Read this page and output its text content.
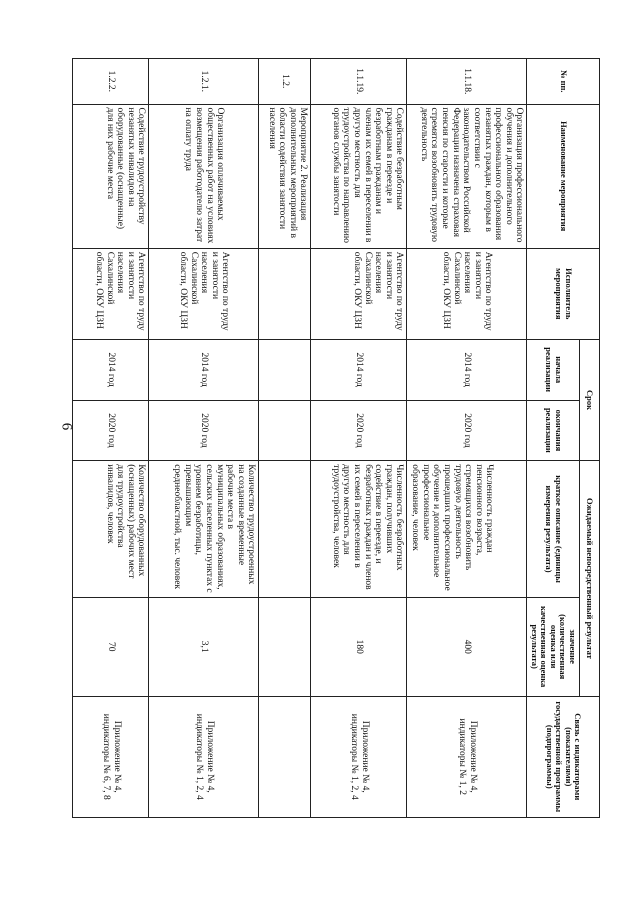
6
№ пп.	Наименование мероприятия	Исполнитель мероприятия	Срок		Ожидаемый непосредственный результат		Связь с индикаторами (показателями) государственной программы (подпрограммы)
			начала реализации	окончания реализации	краткое описание (единицы измерения результата)	значение (количественная оценка или качественная оценка результата)	
1.1.18.	Организация профессионального обучения и дополнительного профессионального образования незанятых граждан, которым в соответствии с законодательством Российской Федерации назначена страховая пенсия по старости и которые стремятся возобновить трудовую деятельность	Агентство по труду и занятости населения Сахалинской области, ОКУ ЦЗН	2014 год	2020 год	Численность граждан пенсионного возраста, стремящихся возобновить трудовую деятельность прошедших профессиональное обучение и дополнительное профессиональное образование, человек	400	Приложение № 4, индикаторы № 1, 2
1.1.19.	Содействие безработным гражданам в переезде и безработным гражданам и членам их семей в переселении в другую местность для трудоустройства по направлению органов службы занятости	Агентство по труду и занятости населения Сахалинской области, ОКУ ЦЗН	2014 год	2020 год	Численность безработных граждан, получивших содействие в переезде, и безработных граждан и членов их семей в переселении в другую местность для трудоустройства, человек	180	Приложение № 4, индикаторы № 1, 2, 4
1.2.	Мероприятие 2. Реализация дополнительных мероприятий в области содействия занятости населения						
1.2.1.	Организация оплачиваемых общественных работ на условиях возмещения работодателю затрат на оплату труда	Агентство по труду и занятости населения Сахалинской области, ОКУ ЦЗН	2014 год	2020 год	Количество трудоустроенных на созданные временные рабочие места в муниципальных образованиях, сельских населенных пунктах с уровнем безработицы, превышающим среднеобластной, тыс. человек	3,1	Приложение № 4, индикаторы № 1, 2, 4
1.2.2.	Содействие трудоустройству незанятых инвалидов на оборудованные (оснащенные) для них рабочие места	Агентство по труду и занятости населения Сахалинской области, ОКУ ЦЗН	2014 год	2020 год	Количество оборудованных (оснащенных) рабочих мест для трудоустройства инвалидов, человек	70	Приложение № 4, индикаторы № 6, 7, 8
